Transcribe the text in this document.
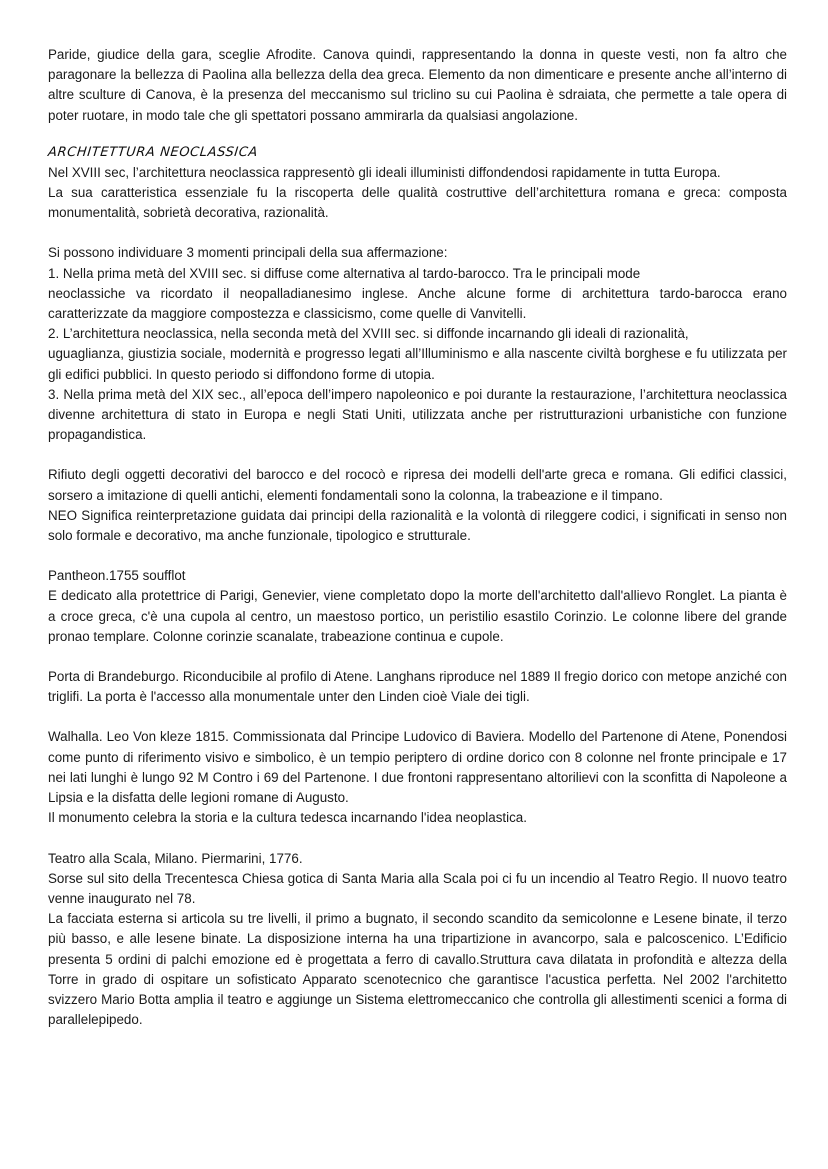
Paride, giudice della gara, sceglie Afrodite. Canova quindi, rappresentando la donna in queste vesti, non fa altro che paragonare la bellezza di Paolina alla bellezza della dea greca. Elemento da non dimenticare e presente anche all’interno di altre sculture di Canova, è la presenza del meccanismo sul triclino su cui Paolina è sdraiata, che permette a tale opera di poter ruotare, in modo tale che gli spettatori possano ammirarla da qualsiasi angolazione.

ARCHITETTURA NEOCLASSICA

Nel XVIII sec, l’architettura neoclassica rappresentò gli ideali illuministi diffondendosi rapidamente in tutta Europa.

La sua caratteristica essenziale fu la riscoperta delle qualità costruttive dell’architettura romana e greca: composta monumentalità, sobrietà decorativa, razionalità.

Si possono individuare 3 momenti principali della sua affermazione:

1. Nella prima metà del XVIII sec. si diffuse come alternativa al tardo-barocco. Tra le principali mode

neoclassiche va ricordato il neopalladianesimo inglese. Anche alcune forme di architettura tardo-barocca erano caratterizzate da maggiore compostezza e classicismo, come quelle di Vanvitelli.

2. L’architettura neoclassica, nella seconda metà del XVIII sec. si diffonde incarnando gli ideali di razionalità,

uguaglianza, giustizia sociale, modernità e progresso legati all’Illuminismo e alla nascente civiltà borghese e fu utilizzata per gli edifici pubblici. In questo periodo si diffondono forme di utopia.

3. Nella prima metà del XIX sec., all’epoca dell’impero napoleonico e poi durante la restaurazione, l’architettura neoclassica divenne architettura di stato in Europa e negli Stati Uniti, utilizzata anche per ristrutturazioni urbanistiche con funzione propagandistica.

Rifiuto degli oggetti decorativi del barocco e del rococò e ripresa dei modelli dell'arte greca e romana. Gli edifici classici, sorsero a imitazione di quelli antichi, elementi fondamentali sono la colonna, la trabeazione e il timpano.

NEO Significa reinterpretazione guidata dai principi della razionalità e la volontà di rileggere codici, i significati in senso non solo formale e decorativo, ma anche funzionale, tipologico e strutturale.

Pantheon.1755 soufflot

E dedicato alla protettrice di Parigi, Genevier, viene completato dopo la morte dell'architetto dall'allievo Ronglet. La pianta è a croce greca, c'è una cupola al centro, un maestoso portico, un peristilio esastilo Corinzio. Le colonne libere del grande pronao templare. Colonne corinzie scanalate, trabeazione continua e cupole.

Porta di Brandeburgo. Riconducibile al profilo di Atene. Langhans riproduce nel 1889 Il fregio dorico con metope anziché con triglifi. La porta è l'accesso alla monumentale unter den Linden cioè Viale dei tigli.

Walhalla. Leo Von kleze 1815. Commissionata dal Principe Ludovico di Baviera. Modello del Partenone di Atene, Ponendosi come punto di riferimento visivo e simbolico, è un tempio periptero di ordine dorico con 8 colonne nel fronte principale e 17 nei lati lunghi è lungo 92 M Contro i 69 del Partenone. I due frontoni rappresentano altorilievi con la sconfitta di Napoleone a Lipsia e la disfatta delle legioni romane di Augusto.

Il monumento celebra la storia e la cultura tedesca incarnando l'idea neoplastica.

Teatro alla Scala, Milano. Piermarini, 1776.

Sorse sul sito della Trecentesca Chiesa gotica di Santa Maria alla Scala poi ci fu un incendio al Teatro Regio. Il nuovo teatro venne inaugurato nel 78.

La facciata esterna si articola su tre livelli, il primo a bugnato, il secondo scandito da semicolonne e Lesene binate, il terzo più basso, e alle lesene binate. La disposizione interna ha una tripartizione in avancorpo, sala e palcoscenico. L’Edificio presenta 5 ordini di palchi emozione ed è progettata a ferro di cavallo.Struttura cava dilatata in profondità e altezza della Torre in grado di ospitare un sofisticato Apparato scenotecnico che garantisce l'acustica perfetta. Nel 2002 l'architetto svizzero Mario Botta amplia il teatro e aggiunge un Sistema elettromeccanico che controlla gli allestimenti scenici a forma di parallelepipedo.
